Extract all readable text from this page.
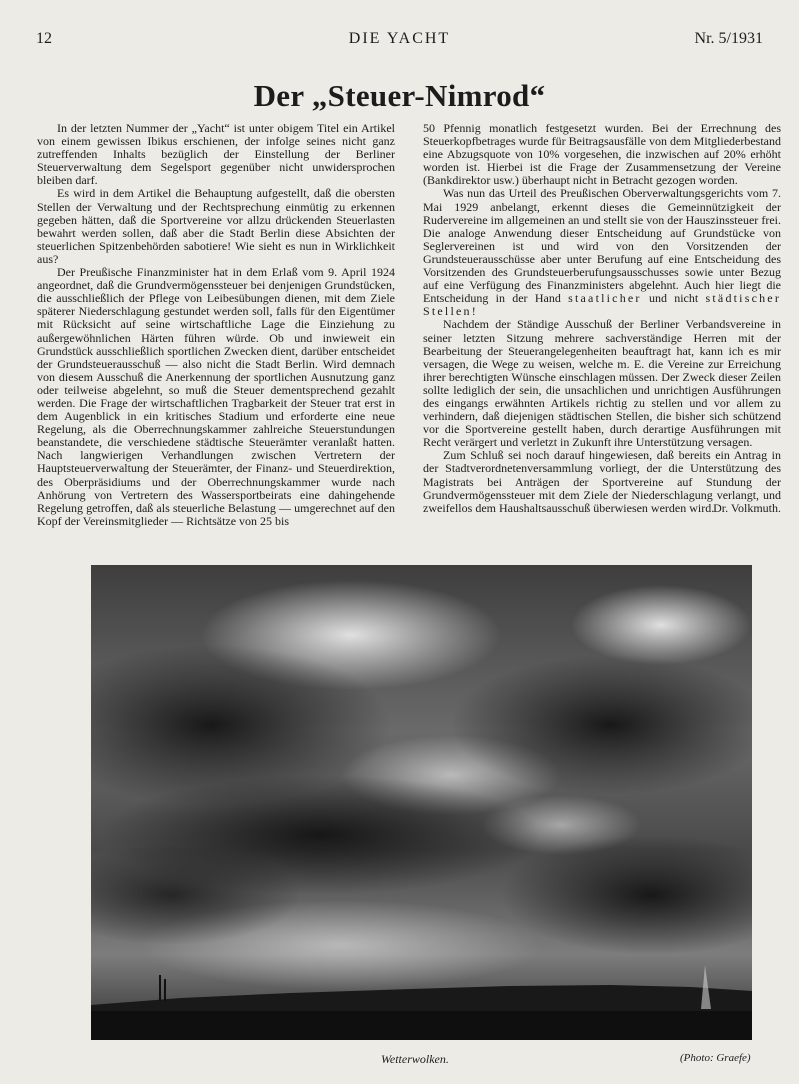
12	DIE YACHT	Nr. 5/1931
Der „Steuer-Nimrod“

In der letzten Nummer der „Yacht“ ist unter obigem Titel ein Artikel von einem gewissen Ibikus erschienen, der infolge seines nicht ganz zutreffenden Inhalts bezüglich der Einstellung der Berliner Steuerverwaltung dem Segelsport gegenüber nicht unwidersprochen bleiben darf.

Es wird in dem Artikel die Behauptung aufgestellt, daß die obersten Stellen der Verwaltung und der Rechtsprechung einmütig zu erkennen gegeben hätten, daß die Sportvereine vor allzu drückenden Steuerlasten bewahrt werden sollen, daß aber die Stadt Berlin diese Absichten der steuerlichen Spitzenbehörden sabotiere! Wie sieht es nun in Wirklichkeit aus?

Der Preußische Finanzminister hat in dem Erlaß vom 9. April 1924 angeordnet, daß die Grundvermögenssteuer bei denjenigen Grundstücken, die ausschließlich der Pflege von Leibesübungen dienen, mit dem Ziele späterer Niederschlagung gestundet werden soll, falls für den Eigentümer mit Rücksicht auf seine wirtschaftliche Lage die Einziehung zu außergewöhnlichen Härten führen würde. Ob und inwieweit ein Grundstück ausschließlich sportlichen Zwecken dient, darüber entscheidet der Grundsteuerausschuß — also nicht die Stadt Berlin. Wird demnach von diesem Ausschuß die Anerkennung der sportlichen Ausnutzung ganz oder teilweise abgelehnt, so muß die Steuer dementsprechend gezahlt werden. Die Frage der wirtschaftlichen Tragbarkeit der Steuer trat erst in dem Augenblick in ein kritisches Stadium und erforderte eine neue Regelung, als die Oberrechnungskammer zahlreiche Steuerstundungen beanstandete, die verschiedene städtische Steuerämter veranlaßt hatten. Nach langwierigen Verhandlungen zwischen Vertretern der Hauptsteuerverwaltung der Steuerämter, der Finanz- und Steuerdirektion, des Oberpräsidiums und der Oberrechnungskammer wurde nach Anhörung von Vertretern des Wassersportbeirats eine dahingehende Regelung getroffen, daß als steuerliche Belastung — umgerechnet auf den Kopf der Vereinsmitglieder — Richtsätze von 25 bis

50 Pfennig monatlich festgesetzt wurden. Bei der Errechnung des Steuerkopfbetrages wurde für Beitragsausfälle von dem Mitgliederbestand eine Abzugsquote von 10% vorgesehen, die inzwischen auf 20% erhöht worden ist. Hierbei ist die Frage der Zusammensetzung der Vereine (Bankdirektor usw.) überhaupt nicht in Betracht gezogen worden.

Was nun das Urteil des Preußischen Oberverwaltungsgerichts vom 7. Mai 1929 anbelangt, erkennt dieses die Gemeinnützigkeit der Rudervereine im allgemeinen an und stellt sie von der Hauszinssteuer frei. Die analoge Anwendung dieser Entscheidung auf Grundstücke von Seglervereinen ist und wird von den Vorsitzenden der Grundsteuerausschüsse aber unter Berufung auf eine Entscheidung des Vorsitzenden des Grundsteuerberufungsausschusses sowie unter Bezug auf eine Verfügung des Finanzministers abgelehnt. Auch hier liegt die Entscheidung in der Hand staatlicher und nicht städtischer Stellen!

Nachdem der Ständige Ausschuß der Berliner Verbandsvereine in seiner letzten Sitzung mehrere sachverständige Herren mit der Bearbeitung der Steuerangelegenheiten beauftragt hat, kann ich es mir versagen, die Wege zu weisen, welche m. E. die Vereine zur Erreichung ihrer berechtigten Wünsche einschlagen müssen. Der Zweck dieser Zeilen sollte lediglich der sein, die unsachlichen und unrichtigen Ausführungen des eingangs erwähnten Artikels richtig zu stellen und vor allem zu verhindern, daß diejenigen städtischen Stellen, die bisher sich schützend vor die Sportvereine gestellt haben, durch derartige Ausführungen mit Recht verärgert und verletzt in Zukunft ihre Unterstützung versagen.

Zum Schluß sei noch darauf hingewiesen, daß bereits ein Antrag in der Stadtverordnetenversammlung vorliegt, der die Unterstützung des Magistrats bei Anträgen der Sportvereine auf Stundung der Grundvermögenssteuer mit dem Ziele der Niederschlagung verlangt, und zweifellos dem Haushaltsausschuß überwiesen werden wird.

Dr. Volkmuth.
Wetterwolken.	(Photo: Graefe)
